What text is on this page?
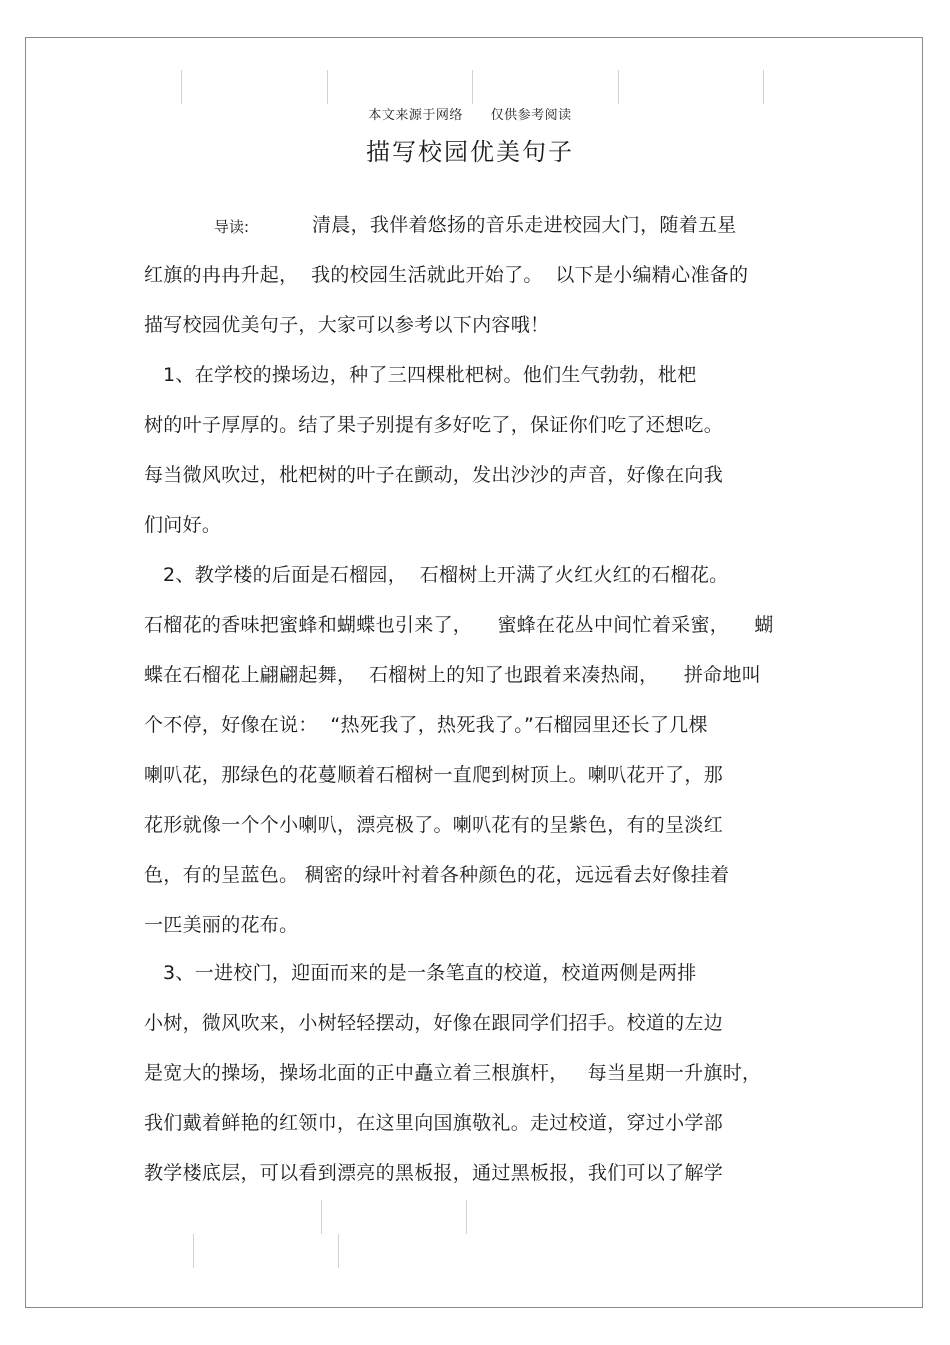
本文来源于网络      仅供参考阅读
描写校园优美句子
导读:	清晨，我伴着悠扬的音乐走进校园大门，随着五星
红旗的冉冉升起，  我的校园生活就此开始了。  以下是小编精心准备的
描写校园优美句子，大家可以参考以下内容哦！
1、在学校的操场边，种了三四棵枇杷树。他们生气勃勃，枇杷
树的叶子厚厚的。结了果子别提有多好吃了，保证你们吃了还想吃。
每当微风吹过，枇杷树的叶子在颤动，发出沙沙的声音，好像在向我
们问好。
2、教学楼的后面是石榴园，  石榴树上开满了火红火红的石榴花。
石榴花的香味把蜜蜂和蝴蝶也引来了，    蜜蜂在花丛中间忙着采蜜，    蝴
蝶在石榴花上翩翩起舞，  石榴树上的知了也跟着来凑热闹，    拼命地叫
个不停，好像在说：  “热死我了，热死我了。”石榴园里还长了几棵
喇叭花，那绿色的花蔓顺着石榴树一直爬到树顶上。喇叭花开了，那
花形就像一个个小喇叭，漂亮极了。喇叭花有的呈紫色，有的呈淡红
色，有的呈蓝色。 稠密的绿叶衬着各种颜色的花，远远看去好像挂着
一匹美丽的花布。
3、一进校门，迎面而来的是一条笔直的校道，校道两侧是两排
小树，微风吹来，小树轻轻摆动，好像在跟同学们招手。校道的左边
是宽大的操场，操场北面的正中矗立着三根旗杆，   每当星期一升旗时，
我们戴着鲜艳的红领巾，在这里向国旗敬礼。走过校道，穿过小学部
教学楼底层，可以看到漂亮的黑板报，通过黑板报，我们可以了解学
